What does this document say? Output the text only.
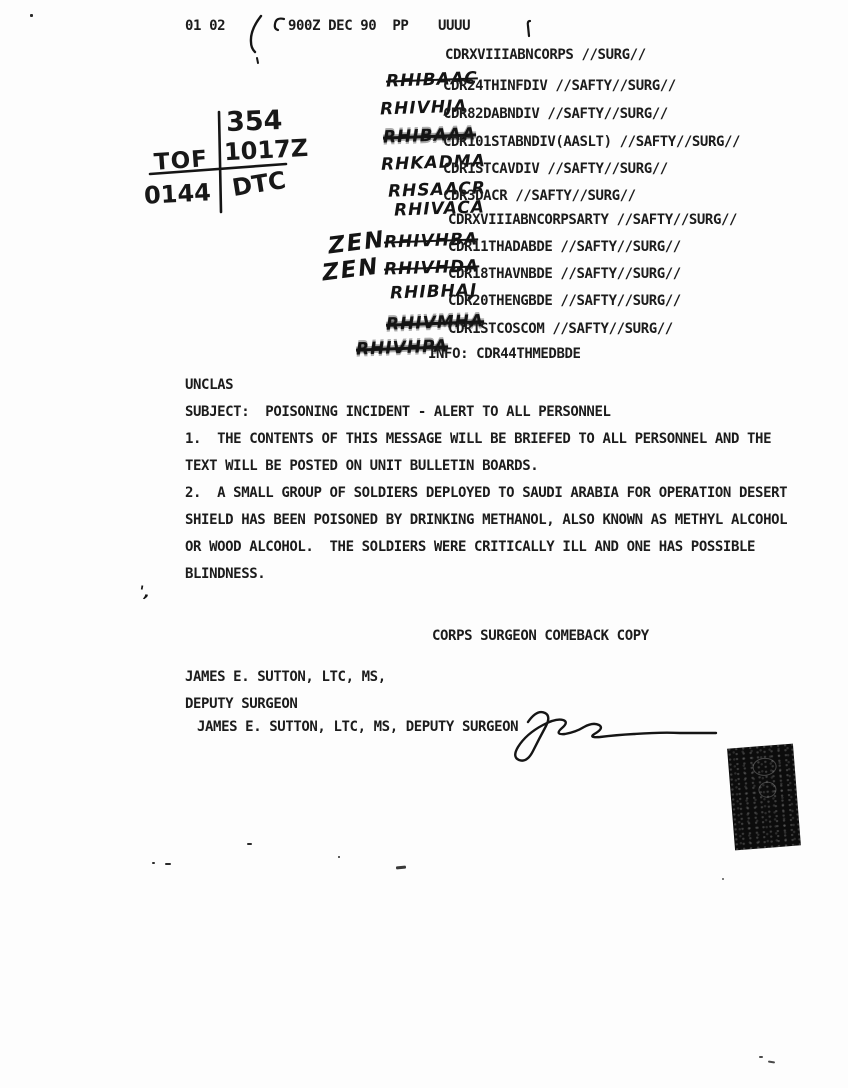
01 02	900Z DEC 90  PP UUUU
354
1017Z
TOF
DTC
0144
CDRXVIIIABNCORPS //SURG//
RHIBAAC
CDR24THINFDIV //SAFTY//SURG//
RHIVHJA
CDR82DABNDIV //SAFTY//SURG//
RHIBAAA
CDR101STABNDIV(AASLT) //SAFTY//SURG//
RHKADMA
CDR1STCAVDIV //SAFTY//SURG//
RHSAACR
CDR3DACR //SAFTY//SURG//
RHIVACA
CDRXVIIIABNCORPSARTY //SAFTY//SURG//
ZEN
RHIVHBA
CDR11THADABDE //SAFTY//SURG//
ZEN RHIVHDA
CDR18THAVNBDE //SAFTY//SURG//
RHIBHAJ
CDR20THENGBDE //SAFTY//SURG//
RHIVMHA
CDR1STCOSCOM //SAFTY//SURG//
RHIVHPA
INFO: CDR44THMEDBDE
UNCLAS
SUBJECT:  POISONING INCIDENT - ALERT TO ALL PERSONNEL
1.  THE CONTENTS OF THIS MESSAGE WILL BE BRIEFED TO ALL PERSONNEL AND THE
TEXT WILL BE POSTED ON UNIT BULLETIN BOARDS.
2.  A SMALL GROUP OF SOLDIERS DEPLOYED TO SAUDI ARABIA FOR OPERATION DESERT
SHIELD HAS BEEN POISONED BY DRINKING METHANOL, ALSO KNOWN AS METHYL ALCOHOL
OR WOOD ALCOHOL.  THE SOLDIERS WERE CRITICALLY ILL AND ONE HAS POSSIBLE
BLINDNESS.
',
CORPS SURGEON COMEBACK COPY
JAMES E. SUTTON, LTC, MS,
DEPUTY SURGEON
JAMES E. SUTTON, LTC, MS, DEPUTY SURGEON
